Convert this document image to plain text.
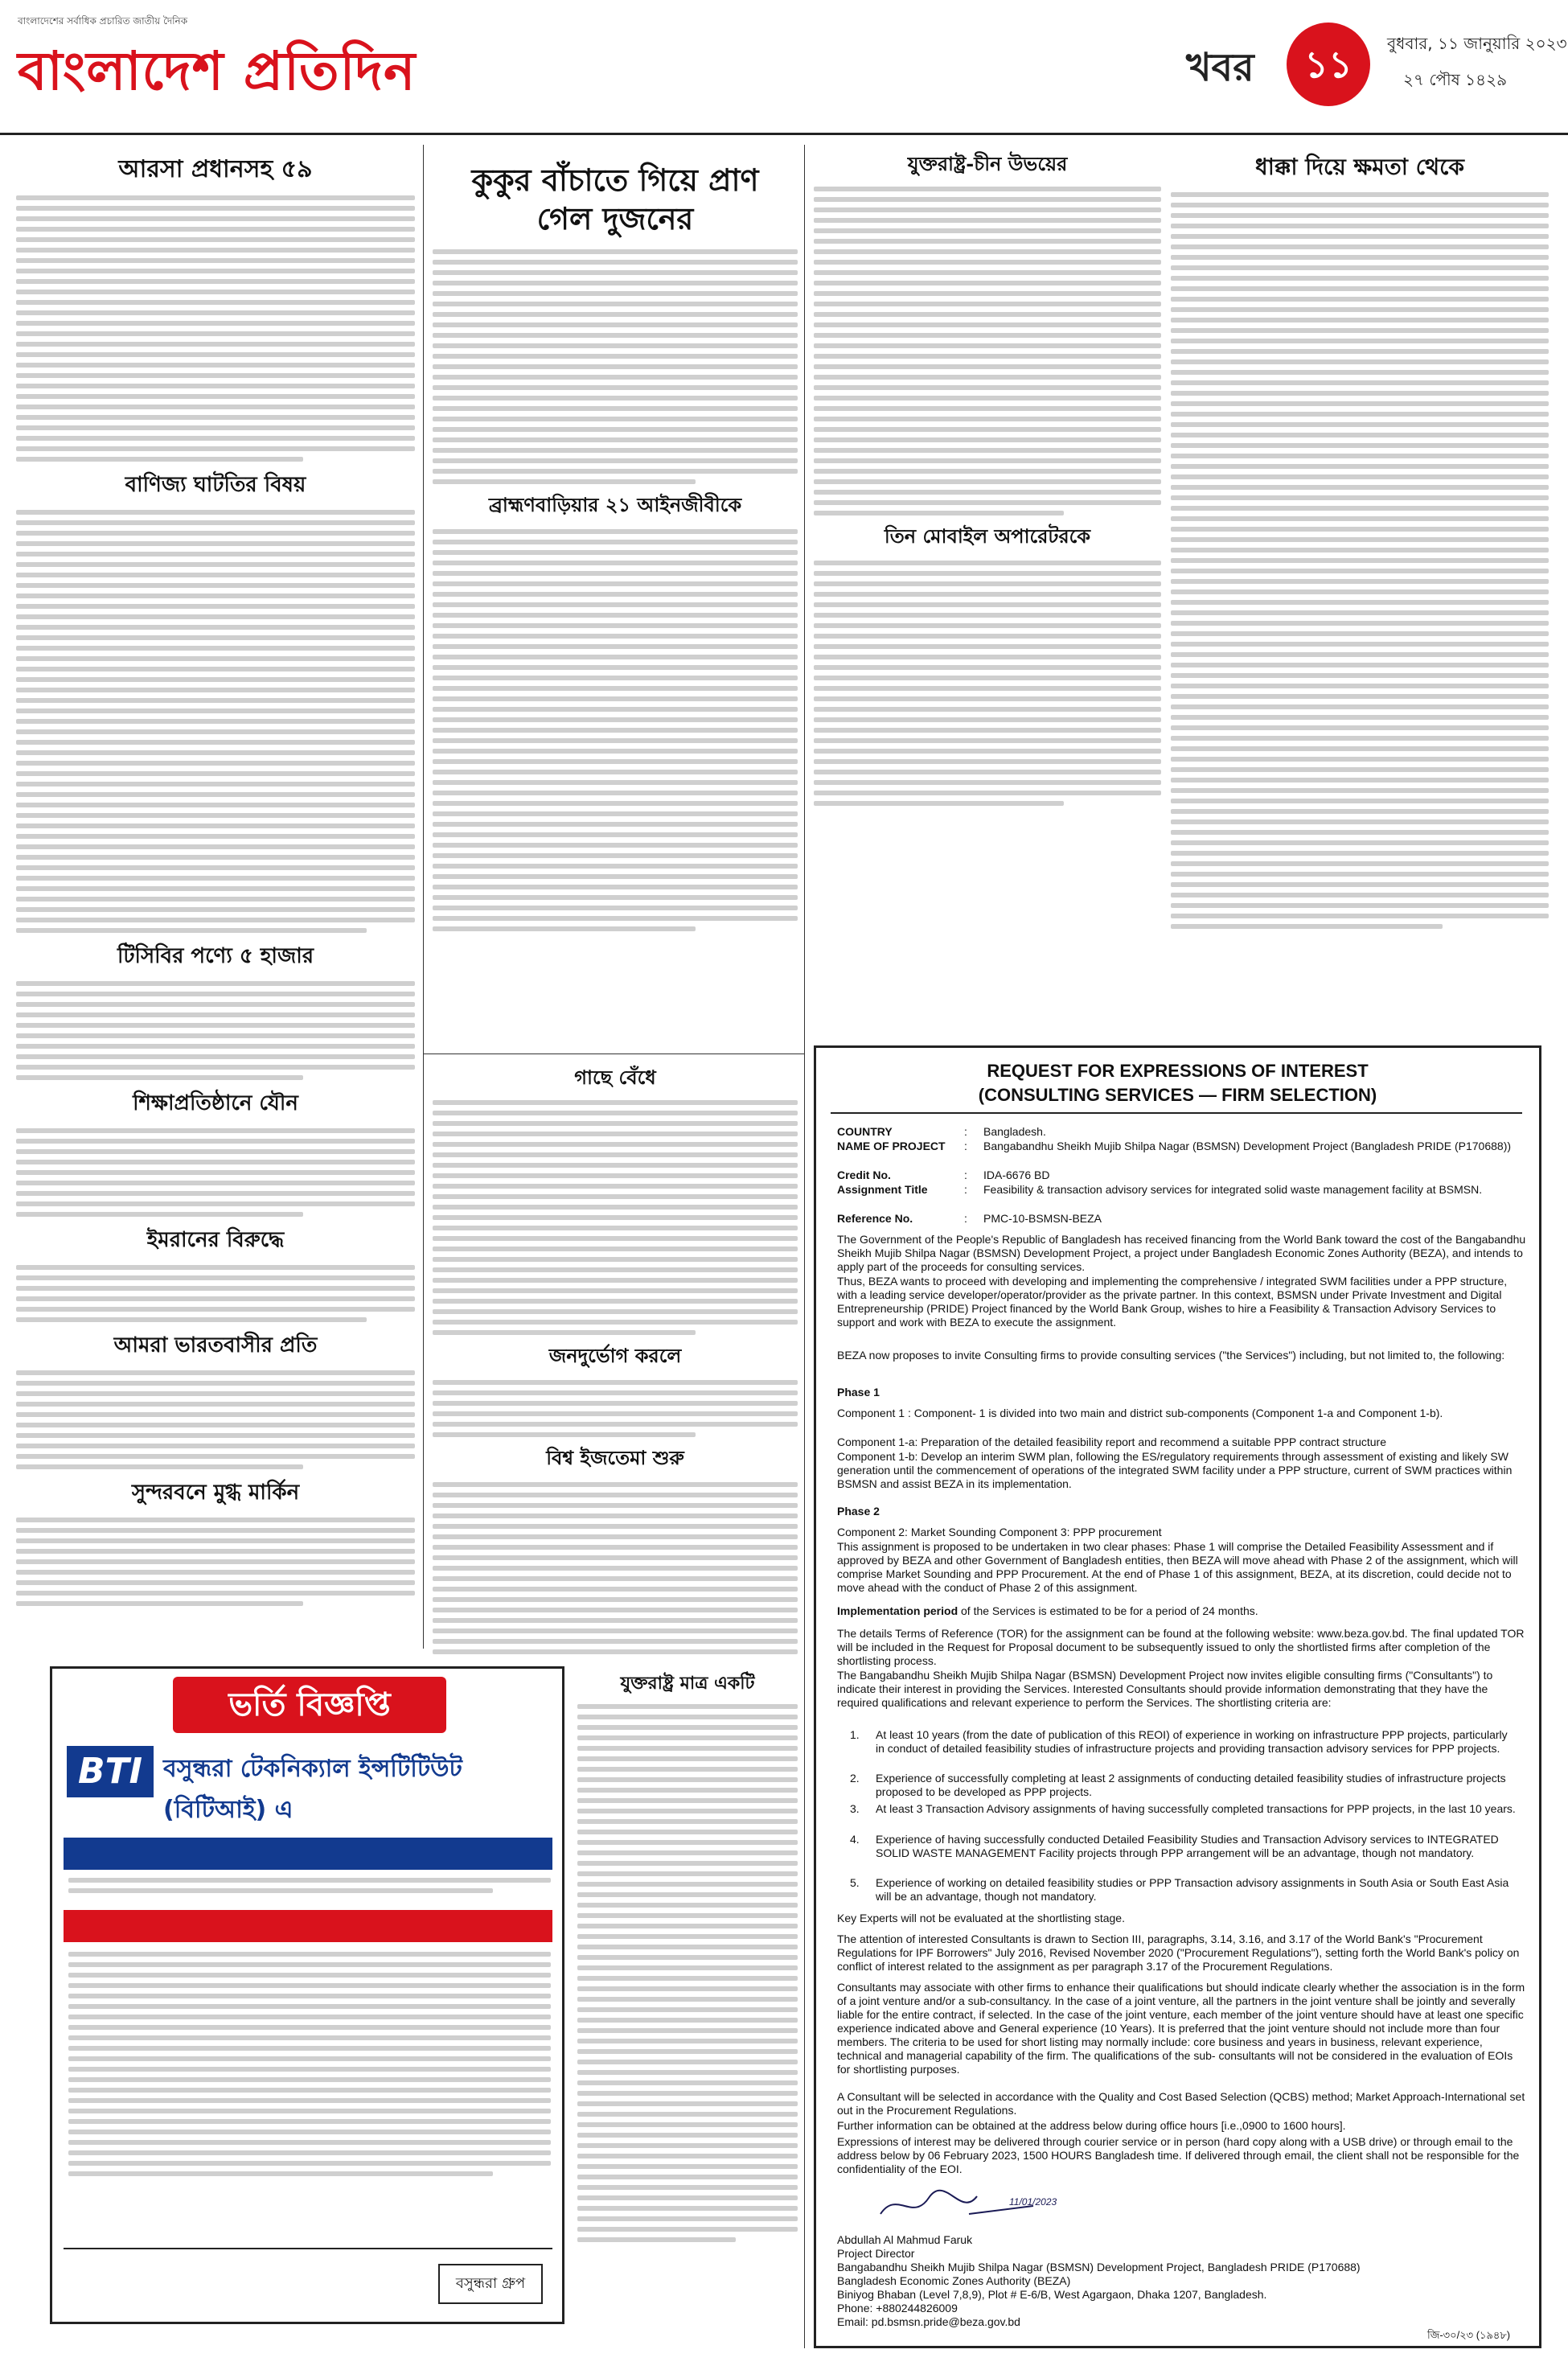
বাংলাদেশের সর্বাধিক প্রচারিত জাতীয় দৈনিক
বাংলাদেশ প্রতিদিন	খবর	১১	বুধবার, ১১ জানুয়ারি ২০২৩
২৭ পৌষ ১৪২৯
আরসা প্রধানসহ ৫৯
বাণিজ্য ঘাটতির বিষয়
টিসিবির পণ্যে ৫ হাজার
শিক্ষাপ্রতিষ্ঠানে যৌন
ইমরানের বিরুদ্ধে
আমরা ভারতবাসীর প্রতি
সুন্দরবনে মুগ্ধ মার্কিন
ভর্তি বিজ্ঞপ্তি
BTI বসুন্ধরা টেকনিক্যাল ইন্সটিটিউট (বিটিআই) এ
বসুন্ধরা গ্রুপ
কুকুর বাঁচাতে গিয়ে প্রাণ গেল দুজনের
ব্রাহ্মণবাড়িয়ার ২১ আইনজীবীকে
গাছে বেঁধে
জনদুর্ভোগ করলে
বিশ্ব ইজতেমা শুরু
যুক্তরাষ্ট্র মাত্র একটি
যুক্তরাষ্ট্র-চীন উভয়ের
তিন মোবাইল অপারেটরকে
ধাক্কা দিয়ে ক্ষমতা থেকে
REQUEST FOR EXPRESSIONS OF INTEREST
(CONSULTING SERVICES — FIRM SELECTION)
COUNTRY	: Bangladesh.
NAME OF PROJECT	: Bangabandhu Sheikh Mujib Shilpa Nagar (BSMSN) Development Project (Bangladesh PRIDE (P170688))
Credit No.	: IDA-6676 BD
Assignment Title	: Feasibility & transaction advisory services for integrated solid waste management facility at BSMSN.
Reference No.	: PMC-10-BSMSN-BEZA
The Government of the People's Republic of Bangladesh has received financing from the World Bank toward the cost of the Bangabandhu Sheikh Mujib Shilpa Nagar (BSMSN) Development Project, a project under Bangladesh Economic Zones Authority (BEZA), and intends to apply part of the proceeds for consulting services.
Thus, BEZA wants to proceed with developing and implementing the comprehensive / integrated SWM facilities under a PPP structure, with a leading service developer/operator/provider as the private partner. In this context, BSMSN under Private Investment and Digital Entrepreneurship (PRIDE) Project financed by the World Bank Group, wishes to hire a Feasibility & Transaction Advisory Services to support and work with BEZA to execute the assignment.
BEZA now proposes to invite Consulting firms to provide consulting services ("the Services") including, but not limited to, the following:
Phase 1
Component 1 : Component- 1 is divided into two main and district sub-components (Component 1-a and Component 1-b).
Component 1-a: Preparation of the detailed feasibility report and recommend a suitable PPP contract structure
Component 1-b: Develop an interim SWM plan, following the ES/regulatory requirements through assessment of existing and likely SW generation until the commencement of operations of the integrated SWM facility under a PPP structure, current of SWM practices within BSMSN and assist BEZA in its implementation.
Phase 2
Component 2: Market Sounding Component 3: PPP procurement
This assignment is proposed to be undertaken in two clear phases: Phase 1 will comprise the Detailed Feasibility Assessment and if approved by BEZA and other Government of Bangladesh entities, then BEZA will move ahead with Phase 2 of the assignment, which will comprise Market Sounding and PPP Procurement. At the end of Phase 1 of this assignment, BEZA, at its discretion, could decide not to move ahead with the conduct of Phase 2 of this assignment.
Implementation period of the Services is estimated to be for a period of 24 months.
The details Terms of Reference (TOR) for the assignment can be found at the following website: www.beza.gov.bd. The final updated TOR will be included in the Request for Proposal document to be subsequently issued to only the shortlisted firms after completion of the shortlisting process.
The Bangabandhu Sheikh Mujib Shilpa Nagar (BSMSN) Development Project now invites eligible consulting firms ("Consultants") to indicate their interest in providing the Services. Interested Consultants should provide information demonstrating that they have the required qualifications and relevant experience to perform the Services. The shortlisting criteria are:
1. At least 10 years (from the date of publication of this REOI) of experience in working on infrastructure PPP projects, particularly in conduct of detailed feasibility studies of infrastructure projects and providing transaction advisory services for PPP projects.
2. Experience of successfully completing at least 2 assignments of conducting detailed feasibility studies of infrastructure projects proposed to be developed as PPP projects.
3. At least 3 Transaction Advisory assignments of having successfully completed transactions for PPP projects, in the last 10 years.
4. Experience of having successfully conducted Detailed Feasibility Studies and Transaction Advisory services to INTEGRATED SOLID WASTE MANAGEMENT Facility projects through PPP arrangement will be an advantage, though not mandatory.
5. Experience of working on detailed feasibility studies or PPP Transaction advisory assignments in South Asia or South East Asia will be an advantage, though not mandatory.
Key Experts will not be evaluated at the shortlisting stage.
The attention of interested Consultants is drawn to Section III, paragraphs, 3.14, 3.16, and 3.17 of the World Bank's "Procurement Regulations for IPF Borrowers" July 2016, Revised November 2020 ("Procurement Regulations"), setting forth the World Bank's policy on conflict of interest related to the assignment as per paragraph 3.17 of the Procurement Regulations.
Consultants may associate with other firms to enhance their qualifications but should indicate clearly whether the association is in the form of a joint venture and/or a sub-consultancy. In the case of a joint venture, all the partners in the joint venture shall be jointly and severally liable for the entire contract, if selected. In the case of the joint venture, each member of the joint venture should have at least one specific experience indicated above and General experience (10 Years). It is preferred that the joint venture should not include more than four members. The criteria to be used for short listing may normally include: core business and years in business, relevant experience, technical and managerial capability of the firm. The qualifications of the sub- consultants will not be considered in the evaluation of EOIs for shortlisting purposes.
A Consultant will be selected in accordance with the Quality and Cost Based Selection (QCBS) method; Market Approach-International set out in the Procurement Regulations.
Further information can be obtained at the address below during office hours [i.e.,0900 to 1600 hours].
Expressions of interest may be delivered through courier service or in person (hard copy along with a USB drive) or through email to the address below by 06 February 2023, 1500 HOURS Bangladesh time. If delivered through email, the client shall not be responsible for the confidentiality of the EOI.
11/01/2023
Abdullah Al Mahmud Faruk
Project Director
Bangabandhu Sheikh Mujib Shilpa Nagar (BSMSN) Development Project, Bangladesh PRIDE (P170688)
Bangladesh Economic Zones Authority (BEZA)
Biniyog Bhaban (Level 7,8,9), Plot # E-6/B, West Agargaon, Dhaka 1207, Bangladesh.
Phone: +880244826009
Email: pd.bsmsn.pride@beza.gov.bd
জি-৩০/২৩ (১৯৪৮)
